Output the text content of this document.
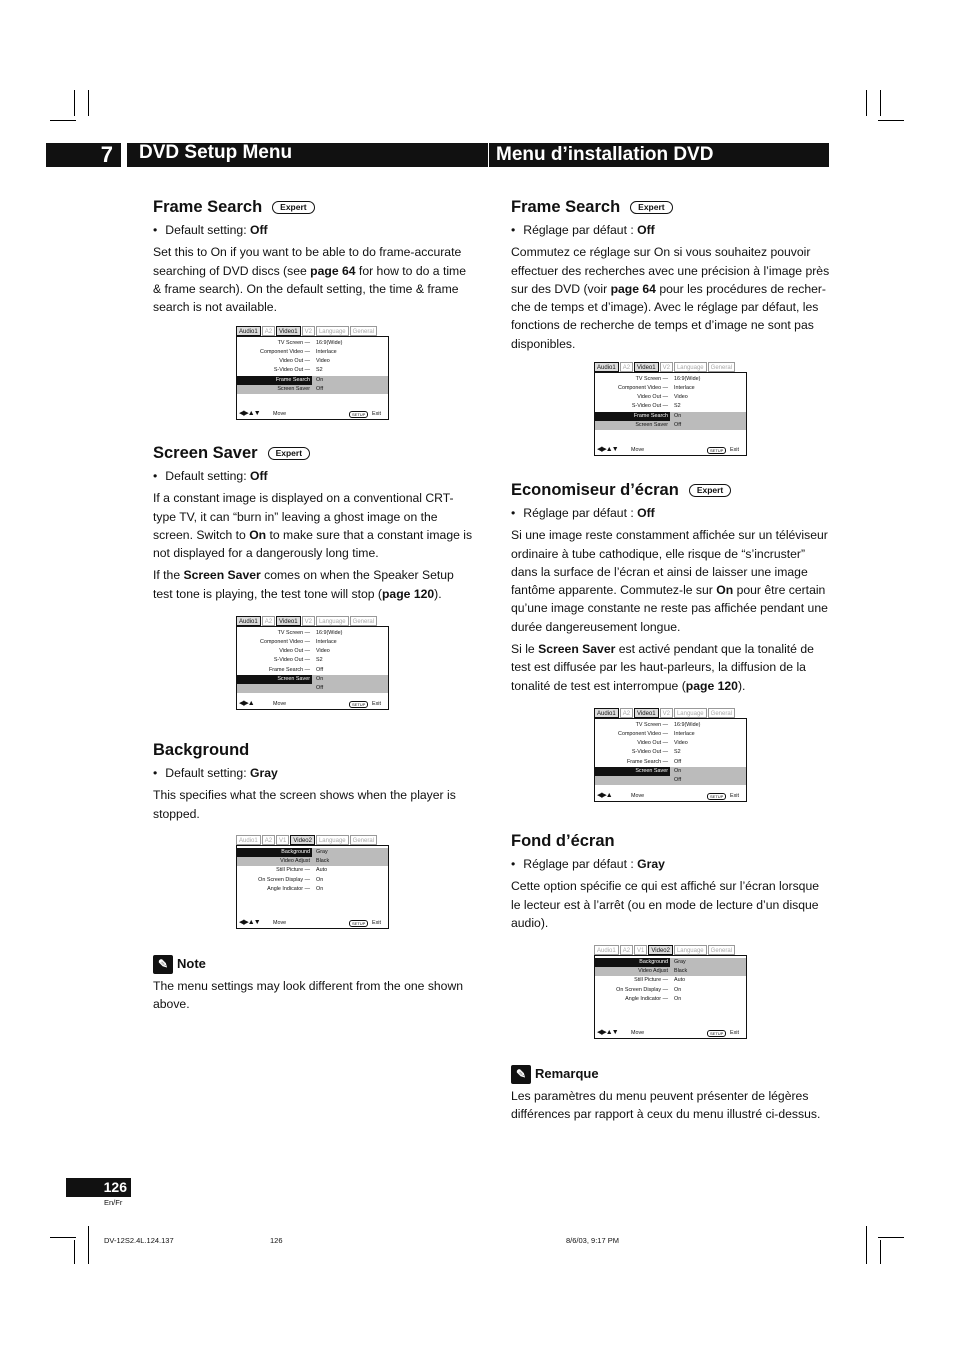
7	DVD Setup Menu	Menu d’installation DVD
Frame Search	Expert

• Default setting: Off

Set this to On if you want to be able to do frame-accurate searching of DVD discs (see page 64 for how to do a time & frame search). On the default setting, the time & frame search is not available.

Audio1	A2	Video1	V2	Language	General
TV Screen — 16:9(Wide)
Component Video — Interlace
Video Out — Video
S-Video Out — S2
Frame Search	On
Screen Saver	Off
◀▶▲▼ Move	SETUP	Exit
Screen Saver	Expert

• Default setting: Off

If a constant image is displayed on a conventional CRT-type TV, it can “burn in” leaving a ghost image on the screen. Switch to On to make sure that a constant image is not displayed for a dangerously long time.

If the Screen Saver comes on when the Speaker Setup test tone is playing, the test tone will stop (page 120).

Audio1	A2	Video1	V2	Language	General
TV Screen — 16:9(Wide)
Component Video — Interlace
Video Out — Video
S-Video Out — S2
Frame Search — Off
Screen Saver	On
Off
◀▶▲	Move	SETUP	Exit
Background

• Default setting: Gray

This specifies what the screen shows when the player is stopped.

Audio1	A2	V1	Video2	Language	General
Background	Gray
Video Adjust	Black
Still Picture — Auto
On Screen Display — On
Angle Indicator — On
◀▶▲▼ Move	SETUP	Exit
✎ Note

The menu settings may look different from the one shown above.

Frame Search	Expert

• Réglage par défaut : Off

Commutez ce réglage sur On si vous souhaitez pouvoir effectuer des recherches avec une précision à l’image près sur des DVD (voir page 64 pour les procédures de recher-che de temps et d’image). Avec le réglage par défaut, les fonctions de recherche de temps et d’image ne sont pas disponibles.

Audio1	A2	Video1	V2	Language	General
TV Screen — 16:9(Wide)
Component Video — Interlace
Video Out — Video
S-Video Out — S2
Frame Search	On
Screen Saver	Off
◀▶▲▼ Move	SETUP	Exit
Economiseur d’écran	Expert

• Réglage par défaut : Off

Si une image reste constamment affichée sur un téléviseur ordinaire à tube cathodique, elle risque de “s’incruster” dans la surface de l’écran et ainsi de laisser une image fantôme apparente. Commutez-le sur On pour être certain qu’une image constante ne reste pas affichée pendant une durée dangereusement longue.

Si le Screen Saver est activé pendant que la tonalité de test est diffusée par les haut-parleurs, la diffusion de la tonalité de test est interrompue (page 120).

Audio1	A2	Video1	V2	Language	General
TV Screen — 16:9(Wide)
Component Video — Interlace
Video Out — Video
S-Video Out — S2
Frame Search — Off
Screen Saver	On
Off
◀▶▲	Move	SETUP	Exit
Fond d’écran

• Réglage par défaut : Gray

Cette option spécifie ce qui est affiché sur l’écran lorsque le lecteur est à l’arrêt (ou en mode de lecture d’un disque audio).

Audio1	A2	V1	Video2	Language	General
Background	Gray
Video Adjust	Black
Still Picture — Auto
On Screen Display — On
Angle Indicator — On
◀▶▲▼ Move	SETUP	Exit
✎ Remarque

Les paramètres du menu peuvent présenter de légères différences par rapport à ceux du menu illustré ci-dessus.

126
En/Fr
DV-12S2.4L.124.137	126	8/6/03, 9:17 PM
